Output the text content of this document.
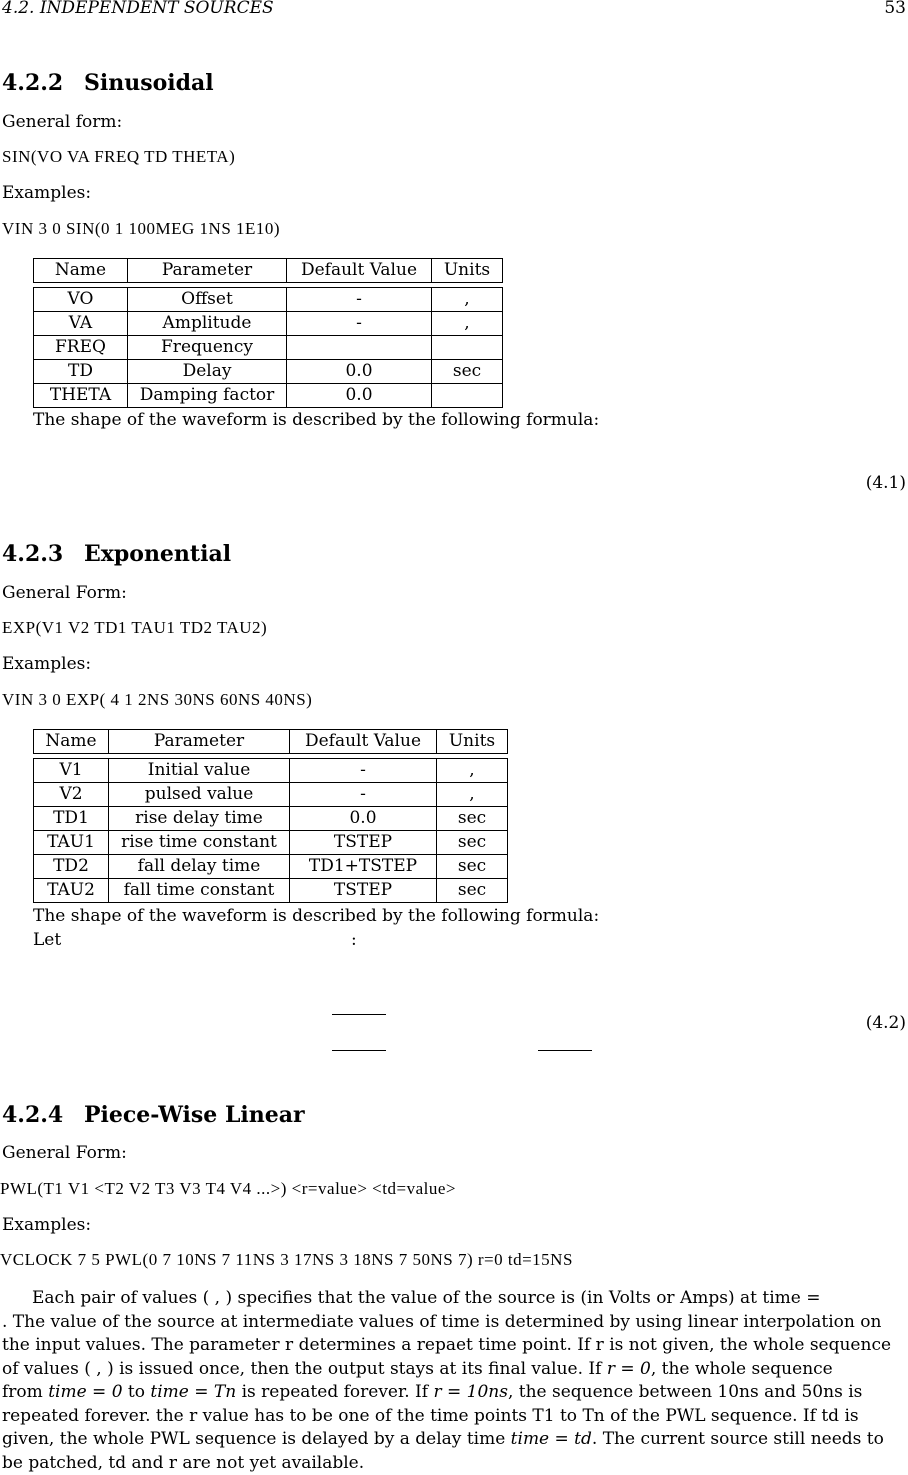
4.2. INDEPENDENT SOURCES	53
4.2.2 Sinusoidal
General form:
SIN(VO VA FREQ TD THETA)
Examples:
VIN 3 0 SIN(0 1 100MEG 1NS 1E10)
Name	Parameter	Default Value	Units

VO	Offset	-	,
VA	Amplitude	-	,
FREQ	Frequency		
TD	Delay	0.0	sec
THETA	Damping factor	0.0	
The shape of the waveform is described by the following formula:
(4.1)
4.2.3 Exponential
General Form:
EXP(V1 V2 TD1 TAU1 TD2 TAU2)
Examples:
VIN 3 0 EXP( 4 1 2NS 30NS 60NS 40NS)
Name	Parameter	Default Value	Units

V1	Initial value	-	,
V2	pulsed value	-	,
TD1	rise delay time	0.0	sec
TAU1	rise time constant	TSTEP	sec
TD2	fall delay time	TD1+TSTEP	sec
TAU2	fall time constant	TSTEP	sec
The shape of the waveform is described by the following formula:
Let	:
(4.2)
4.2.4 Piece-Wise Linear
General Form:
PWL(T1 V1 <T2 V2 T3 V3 T4 V4 ...>) <r=value> <td=value>
Examples:
VCLOCK 7 5 PWL(0 7 10NS 7 11NS 3 17NS 3 18NS 7 50NS 7) r=0 td=15NS

Each pair of values ( , ) specifies that the value of the source is (in Volts or Amps) at time =

. The value of the source at intermediate values of time is determined by using linear interpolation on

the input values. The parameter r determines a repaet time point. If r is not given, the whole sequence

of values ( , ) is issued once, then the output stays at its final value. If r = 0, the whole sequence

from time = 0 to time = Tn is repeated forever. If r = 10ns, the sequence between 10ns and 50ns is

repeated forever. the r value has to be one of the time points T1 to Tn of the PWL sequence. If td is

given, the whole PWL sequence is delayed by a delay time time = td. The current source still needs to

be patched, td and r are not yet available.
